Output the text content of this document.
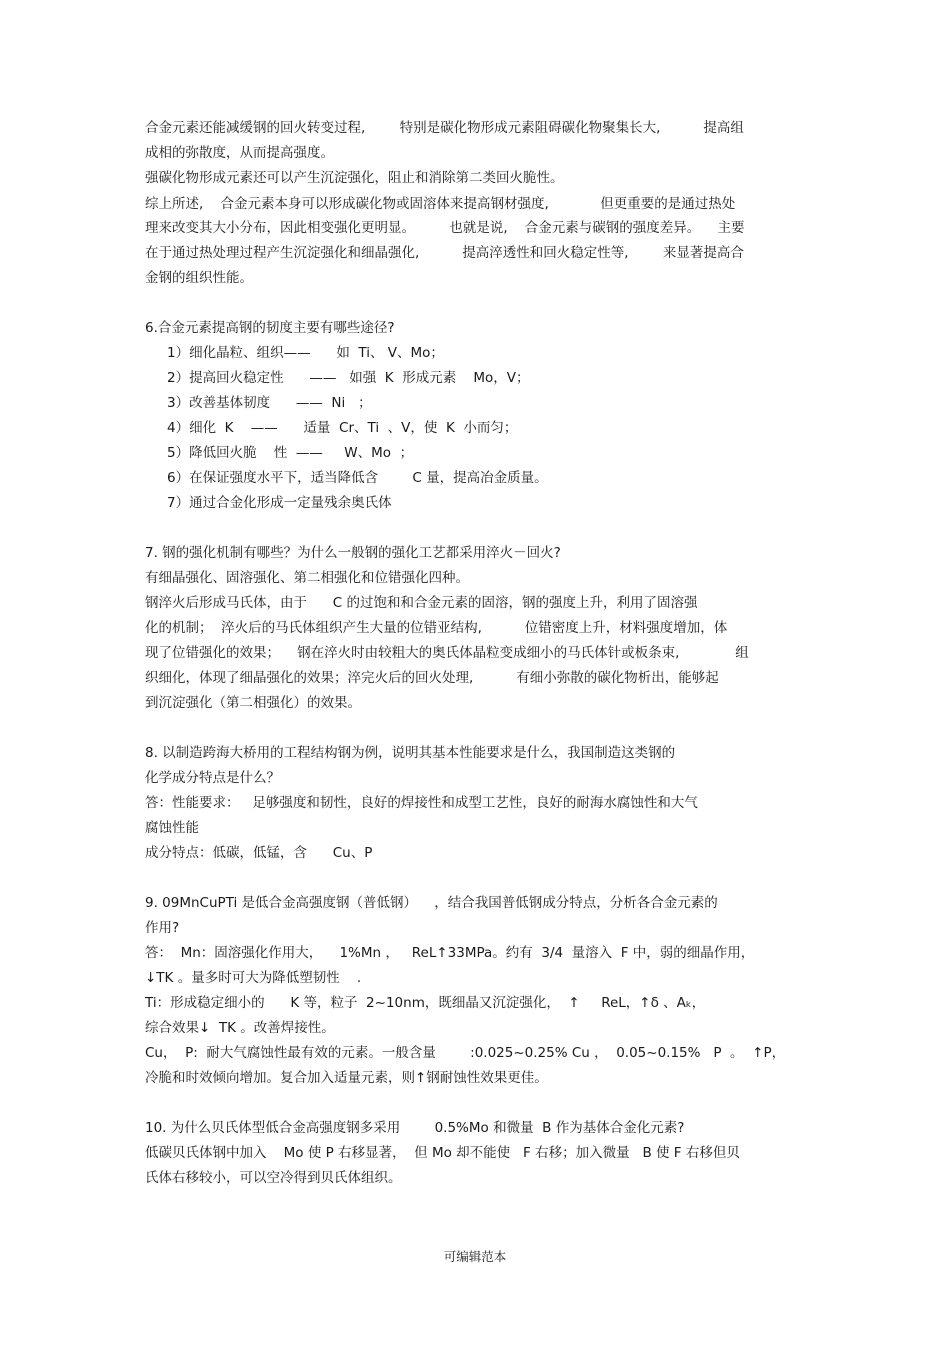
合金元素还能减缓钢的回火转变过程,        特别是碳化物形成元素阻碍碳化物聚集长大,          提高组

成相的弥散度，从而提高强度。

强碳化物形成元素还可以产生沉淀强化，阻止和消除第二类回火脆性。

综上所述,    合金元素本身可以形成碳化物或固溶体来提高钢材强度,            但更重要的是通过热处

理来改变其大小分布，因此相变强化更明显。        也就是说,    合金元素与碳钢的强度差异。    主要

在于通过热处理过程产生沉淀强化和细晶强化,          提高淬透性和回火稳定性等,        来显著提高合

金钢的组织性能。

6.合金元素提高钢的韧度主要有哪些途径?

1）细化晶粒、组织——      如  Ti、 V、Mo；

2）提高回火稳定性      ——   如强  K  形成元素    Mo，V；

3）改善基体韧度      ——  Ni   ；

4）细化  K    ——      适量  Cr、Ti  、V，使  K  小而匀；

5）降低回火脆    性  ——     W、Mo  ；

6）在保证强度水平下，适当降低含        C 量，提高冶金质量。

7）通过合金化形成一定量残余奥氏体

7. 钢的强化机制有哪些？为什么一般钢的强化工艺都采用淬火－回火?

有细晶强化、固溶强化、第二相强化和位错强化四种。

钢淬火后形成马氏体，由于      C 的过饱和和合金元素的固溶，钢的强度上升，利用了固溶强

化的机制；  淬火后的马氏体组织产生大量的位错亚结构,          位错密度上升，材料强度增加，体

现了位错强化的效果；    钢在淬火时由较粗大的奥氏体晶粒变成细小的马氏体针或板条束,             组

织细化，体现了细晶强化的效果；淬完火后的回火处理,          有细小弥散的碳化物析出，能够起

到沉淀强化（第二相强化）的效果。

8. 以制造跨海大桥用的工程结构钢为例，说明其基本性能要求是什么，我国制造这类钢的

化学成分特点是什么？

答：性能要求：   足够强度和韧性，良好的焊接性和成型工艺性，良好的耐海水腐蚀性和大气

腐蚀性能

成分特点：低碳，低锰，含      Cu、P

9. 09MnCuPTi 是低合金高强度钢（普低钢）    ，结合我国普低钢成分特点，分析各合金元素的

作用?

答：  Mn：固溶强化作用大，    1%Mn ，   ReL↑33MPa。约有  3/4  量溶入  F 中，弱的细晶作用，

↓TK 。量多时可大为降低塑韧性    .

Ti：形成稳定细小的      K 等，粒子  2~10nm，既细晶又沉淀强化，  ↑     ReL，↑δ 、Aₖ，

综合效果↓  TK 。改善焊接性。

Cu，  P:  耐大气腐蚀性最有效的元素。一般含量        :0.025~0.25% Cu ，  0.05~0.15%   P  。  ↑P，

冷脆和时效倾向增加。复合加入适量元素，则↑钢耐蚀性效果更佳。

10. 为什么贝氏体型低合金高强度钢多采用        0.5%Mo 和微量  B 作为基体合金化元素?

低碳贝氏体钢中加入    Mo 使 P 右移显著，  但 Mo 却不能使   F 右移；加入微量   B 使 F 右移但贝

氏体右移较小，可以空冷得到贝氏体组织。

可编辑范本
